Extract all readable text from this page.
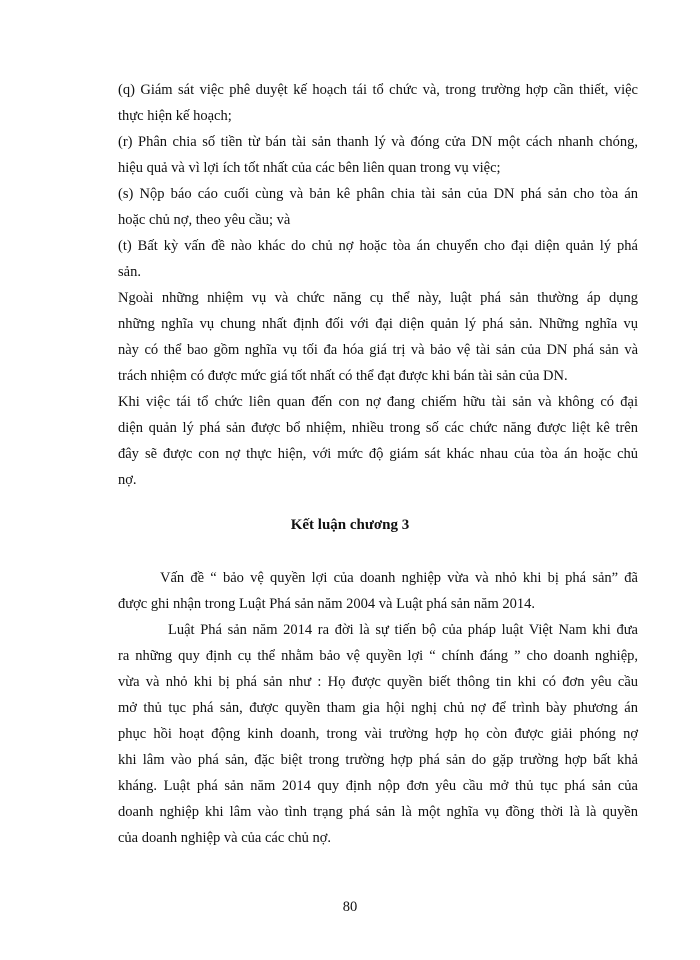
(q) Giám sát việc phê duyệt kế hoạch tái tổ chức và, trong trường hợp cần thiết, việc
thực hiện kế hoạch;
(r) Phân chia số tiền từ bán tài sản thanh lý và đóng cửa DN một cách nhanh chóng,
hiệu quả và vì lợi ích tốt nhất của các bên liên quan trong vụ việc;
(s) Nộp báo cáo cuối cùng và bản kê phân chia tài sản của DN phá sản cho tòa án
hoặc chủ nợ, theo yêu cầu; và
(t) Bất kỳ vấn đề nào khác do chủ nợ hoặc tòa án chuyển cho đại diện quản lý phá
sản.
Ngoài những nhiệm vụ và chức năng cụ thể này, luật phá sản thường áp dụng
những nghĩa vụ chung nhất định đối với đại diện quản lý phá sản. Những nghĩa vụ
này có thể bao gồm nghĩa vụ tối đa hóa giá trị và bảo vệ tài sản của DN phá sản và
trách nhiệm có được mức giá tốt nhất có thể đạt được khi bán tài sản của DN.
Khi việc tái tổ chức liên quan đến con nợ đang chiếm hữu tài sản và không có đại
diện quản lý phá sản được bổ nhiệm, nhiều trong số các chức năng được liệt kê trên
đây sẽ được con nợ thực hiện, với mức độ giám sát khác nhau của tòa án hoặc chủ
nợ.
Kết luận chương 3
Vấn đề “ bảo vệ quyền lợi của doanh nghiệp vừa và nhỏ khi bị phá sản” đã
được ghi nhận trong Luật Phá sản năm 2004 và Luật phá sản năm 2014.
Luật Phá sản năm 2014 ra đời là sự tiến bộ của pháp luật Việt Nam khi đưa
ra những quy định cụ thể nhằm bảo vệ quyền lợi “ chính đáng ” cho doanh nghiệp,
vừa và nhỏ khi bị phá sản như : Họ được quyền biết thông tin khi có đơn yêu cầu
mở thủ tục phá sản, được quyền tham gia hội nghị chủ nợ để trình bày phương án
phục hồi hoạt động kinh doanh, trong vài trường hợp họ còn được giải phóng nợ
khi lâm vào phá sản, đặc biệt trong trường hợp phá sản do gặp trường hợp bất khả
kháng. Luật phá sản năm 2014 quy định nộp đơn yêu cầu mở thủ tục phá sản của
doanh nghiệp khi lâm vào tình trạng phá sản là một nghĩa vụ đồng thời là là quyền
của doanh nghiệp và của các chủ nợ.
80
